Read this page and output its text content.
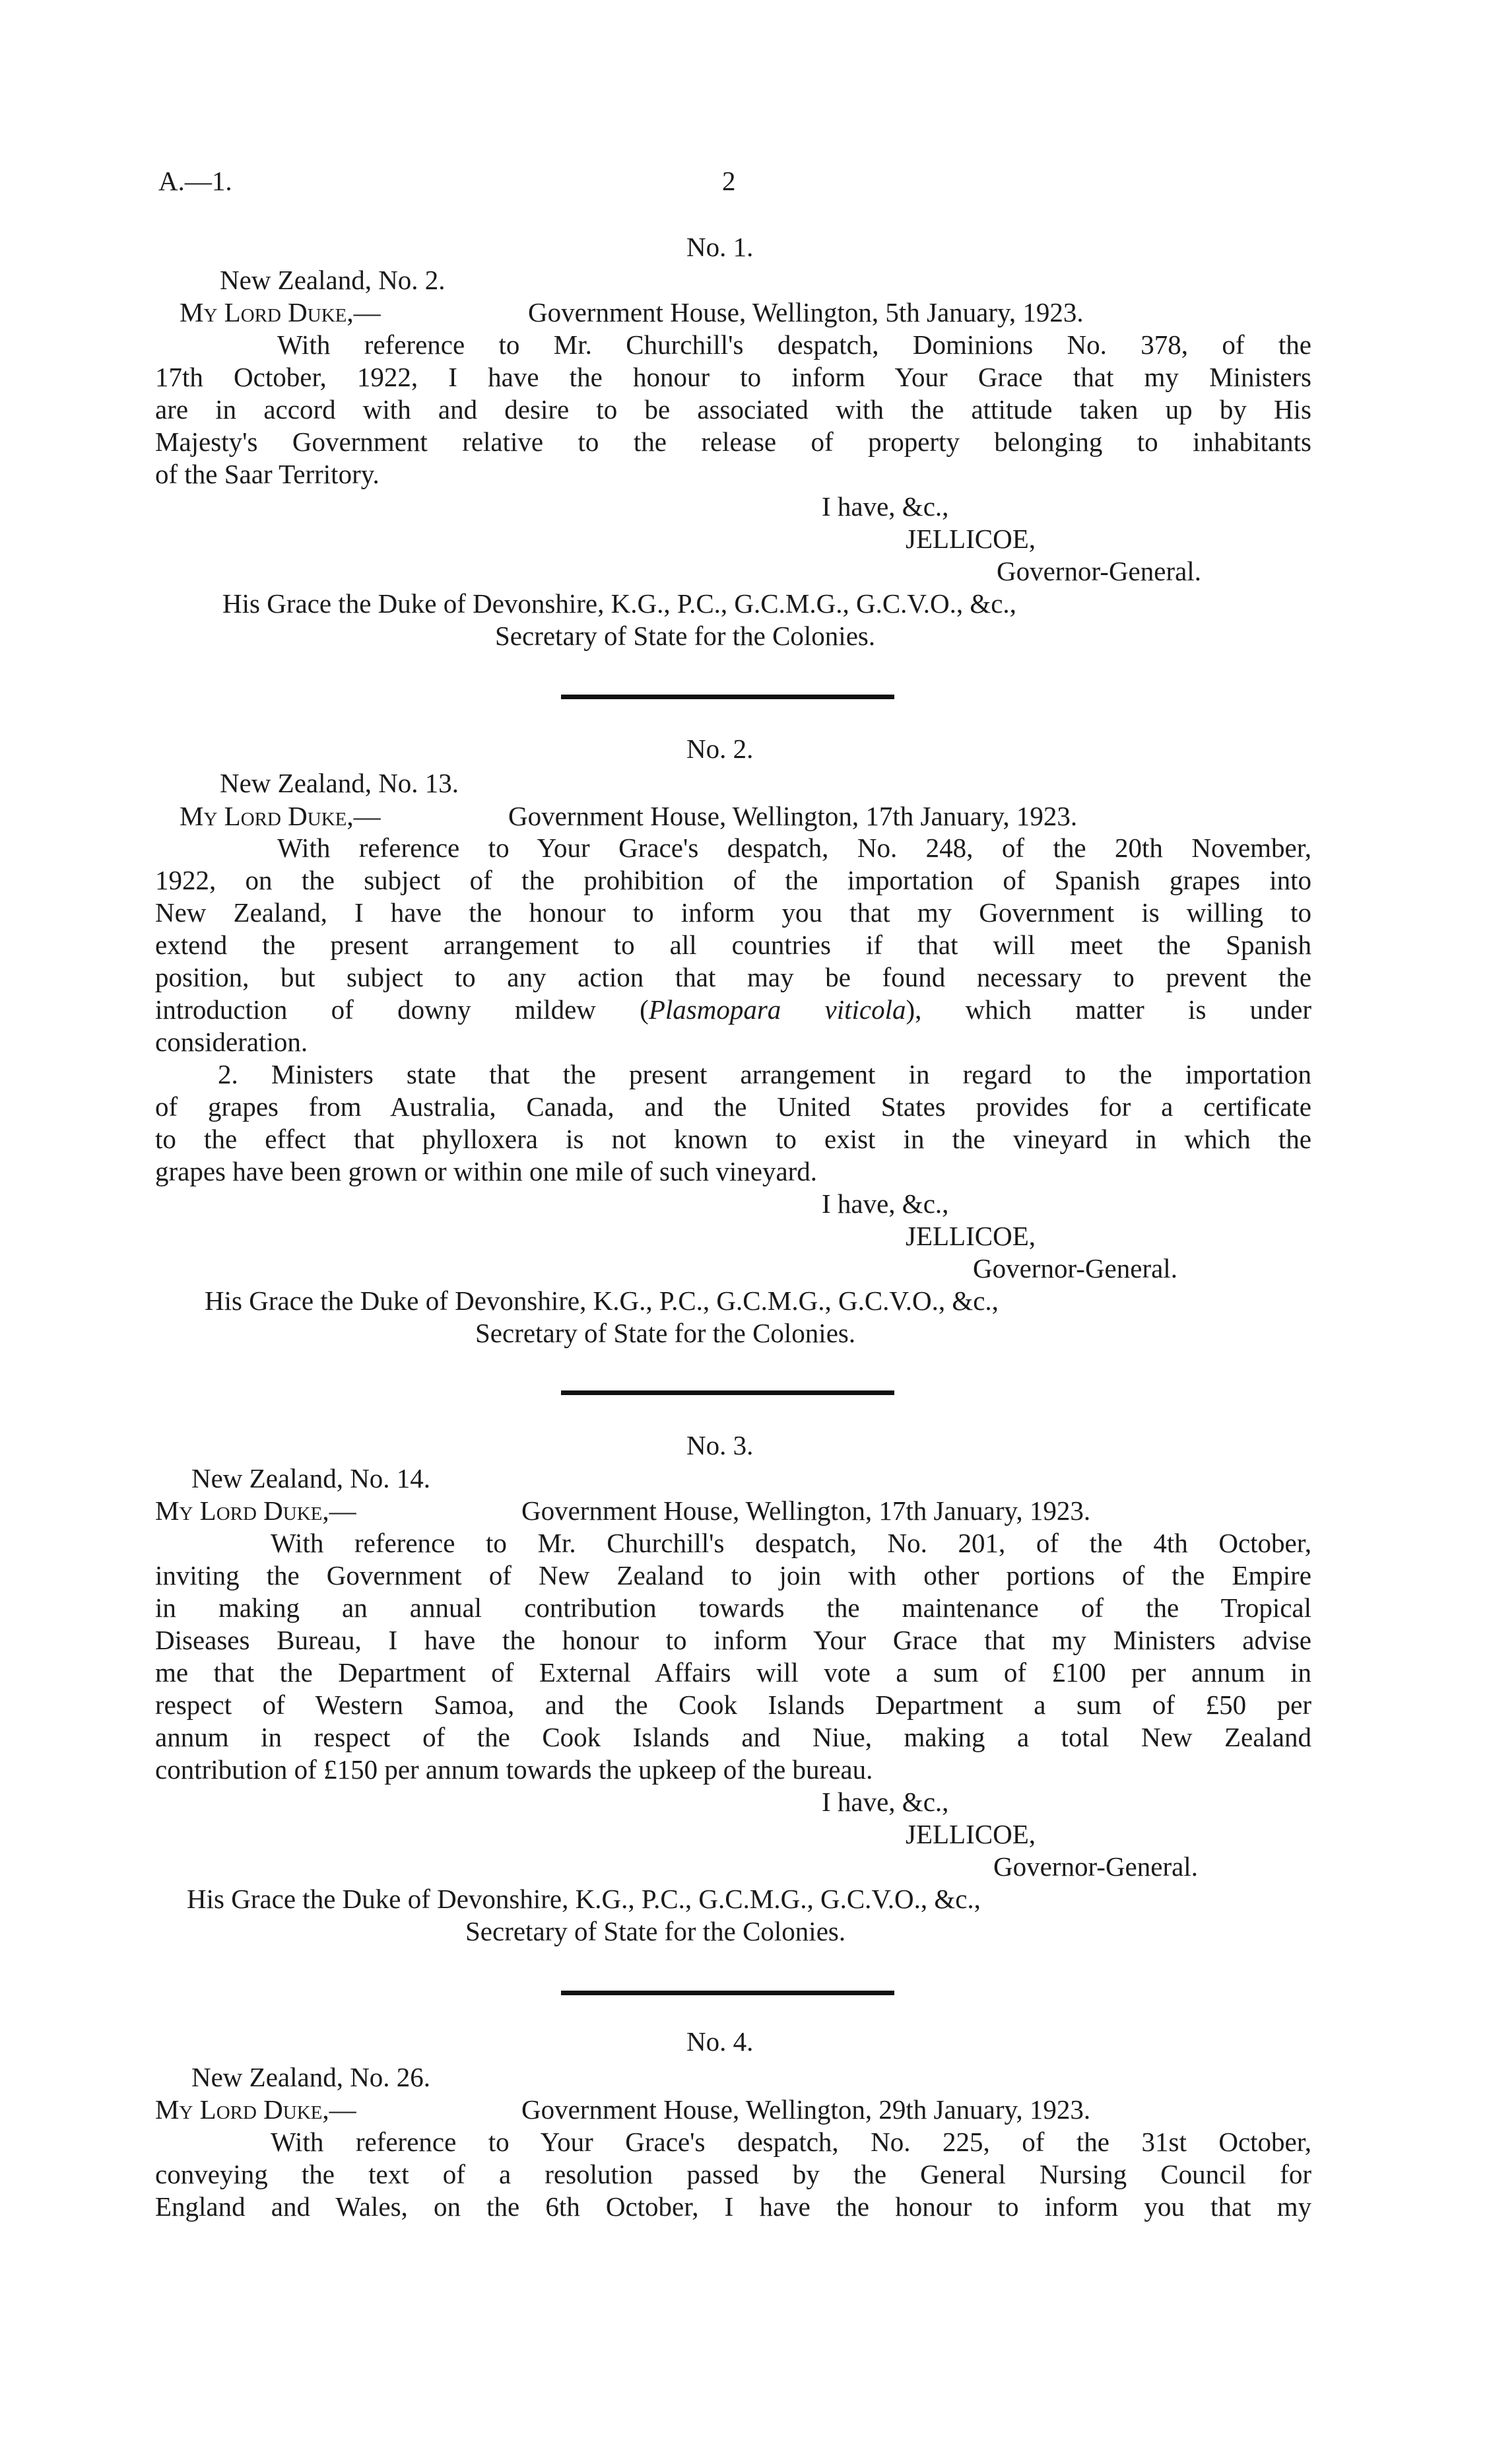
A.—1.	2
No. 1.
New Zealand, No. 2.
My Lord Duke,—	Government House, Wellington, 5th January, 1923.
With reference to Mr. Churchill's despatch, Dominions No. 378, of the
17th October, 1922, I have the honour to inform Your Grace that my Ministers
are in accord with and desire to be associated with the attitude taken up by His
Majesty's Government relative to the release of property belonging to inhabitants
of the Saar Territory.
I have, &c.,
JELLICOE,
Governor-General.
His Grace the Duke of Devonshire, K.G., P.C., G.C.M.G., G.C.V.O., &c.,
Secretary of State for the Colonies.
No. 2.
New Zealand, No. 13.
My Lord Duke,—	Government House, Wellington, 17th January, 1923.
With reference to Your Grace's despatch, No. 248, of the 20th November,
1922, on the subject of the prohibition of the importation of Spanish grapes into
New Zealand, I have the honour to inform you that my Government is willing to
extend the present arrangement to all countries if that will meet the Spanish
position, but subject to any action that may be found necessary to prevent the
introduction of downy mildew (Plasmopara viticola), which matter is under
consideration.
2. Ministers state that the present arrangement in regard to the importation
of grapes from Australia, Canada, and the United States provides for a certificate
to the effect that phylloxera is not known to exist in the vineyard in which the
grapes have been grown or within one mile of such vineyard.
I have, &c.,
JELLICOE,
Governor-General.
His Grace the Duke of Devonshire, K.G., P.C., G.C.M.G., G.C.V.O., &c.,
Secretary of State for the Colonies.
No. 3.
New Zealand, No. 14.
My Lord Duke,—	Government House, Wellington, 17th January, 1923.
With reference to Mr. Churchill's despatch, No. 201, of the 4th October,
inviting the Government of New Zealand to join with other portions of the Empire
in making an annual contribution towards the maintenance of the Tropical
Diseases Bureau, I have the honour to inform Your Grace that my Ministers advise
me that the Department of External Affairs will vote a sum of £100 per annum in
respect of Western Samoa, and the Cook Islands Department a sum of £50 per
annum in respect of the Cook Islands and Niue, making a total New Zealand
contribution of £150 per annum towards the upkeep of the bureau.
I have, &c.,
JELLICOE,
Governor-General.
His Grace the Duke of Devonshire, K.G., P.C., G.C.M.G., G.C.V.O., &c.,
Secretary of State for the Colonies.
No. 4.
New Zealand, No. 26.
My Lord Duke,—	Government House, Wellington, 29th January, 1923.
With reference to Your Grace's despatch, No. 225, of the 31st October,
conveying the text of a resolution passed by the General Nursing Council for
England and Wales, on the 6th October, I have the honour to inform you that my
